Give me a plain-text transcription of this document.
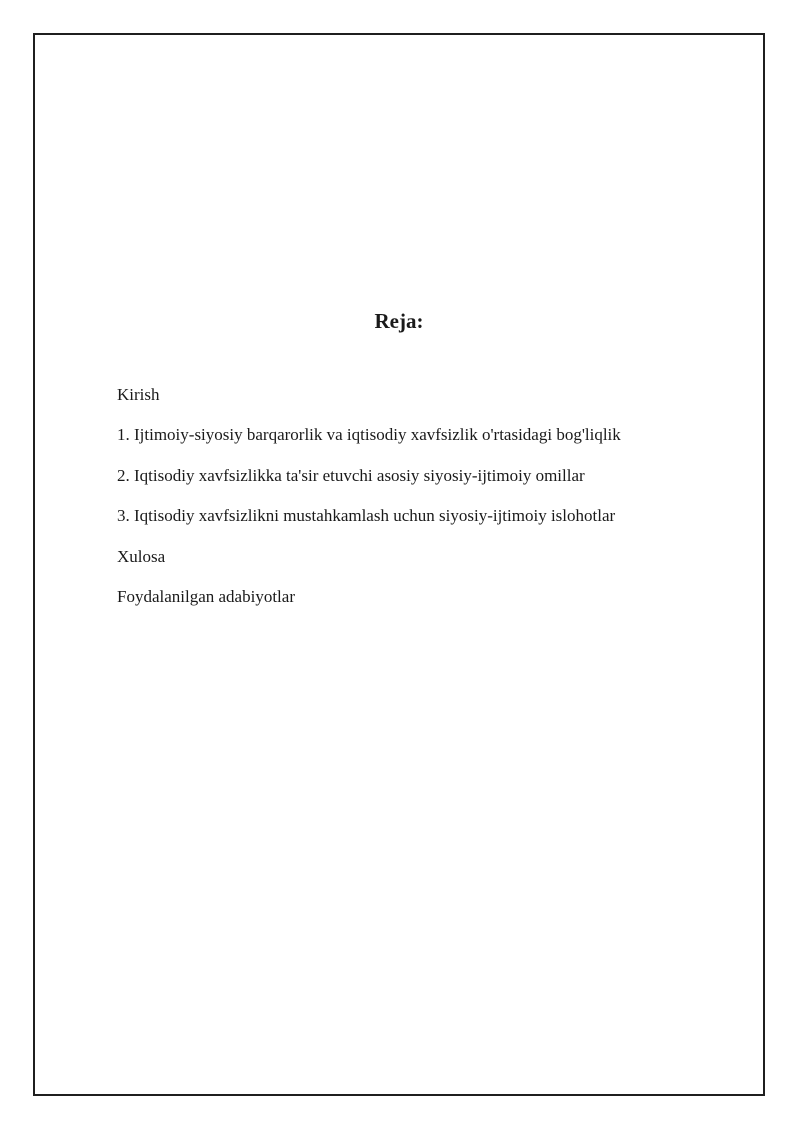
Reja:
Kirish
1. Ijtimoiy-siyosiy barqarorlik va iqtisodiy xavfsizlik o'rtasidagi bog'liqlik
2. Iqtisodiy xavfsizlikka ta'sir etuvchi asosiy siyosiy-ijtimoiy omillar
3. Iqtisodiy xavfsizlikni mustahkamlash uchun siyosiy-ijtimoiy islohotlar
Xulosa
Foydalanilgan adabiyotlar
